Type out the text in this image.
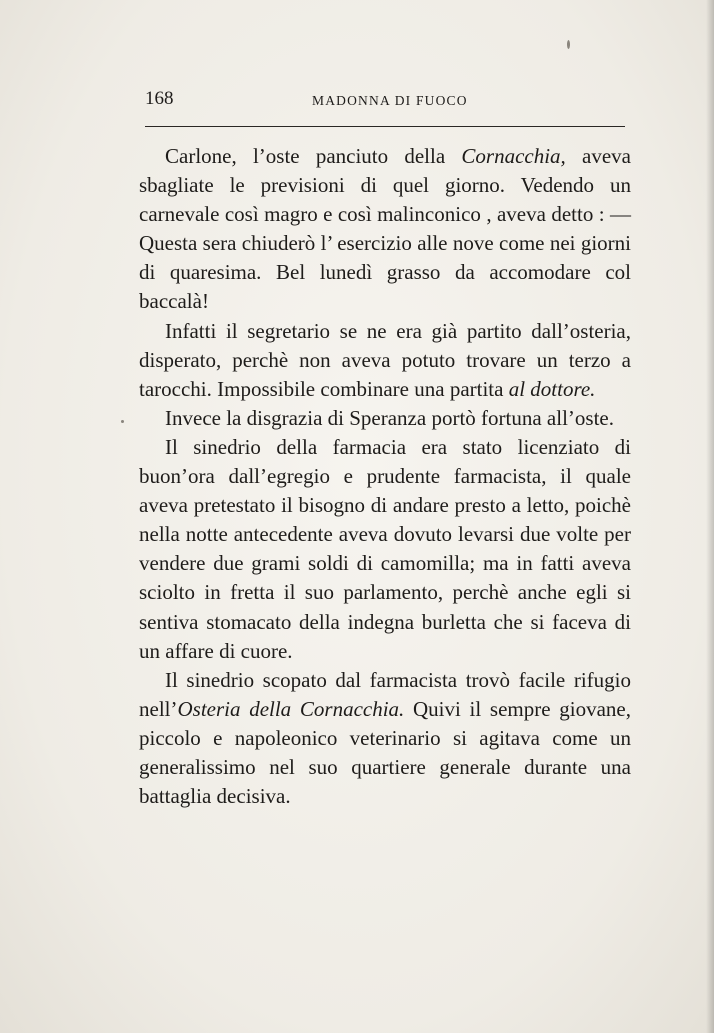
168	MADONNA DI FUOCO

Carlone, l’oste panciuto della Cornacchia, aveva sbagliate le previsioni di quel giorno. Vedendo un carnevale così magro e così malinconico , aveva detto : — Questa sera chiuderò l’ esercizio alle nove come nei giorni di quaresima. Bel lunedì grasso da accomodare col baccalà!

Infatti il segretario se ne era già partito dall’osteria, disperato, perchè non aveva potuto trovare un terzo a tarocchi. Impossibile combinare una partita al dottore.

Invece la disgrazia di Speranza portò fortuna all’oste.

Il sinedrio della farmacia era stato licenziato di buon’ora dall’egregio e prudente farmacista, il quale aveva pretestato il bisogno di andare presto a letto, poichè nella notte antecedente aveva dovuto levarsi due volte per vendere due grami soldi di camomilla; ma in fatti aveva sciolto in fretta il suo parlamento, perchè anche egli si sentiva stomacato della indegna burletta che si faceva di un affare di cuore.

Il sinedrio scopato dal farmacista trovò facile rifugio nell’Osteria della Cornacchia. Quivi il sempre giovane, piccolo e napoleonico veterinario si agitava come un generalissimo nel suo quartiere generale durante una battaglia decisiva.
